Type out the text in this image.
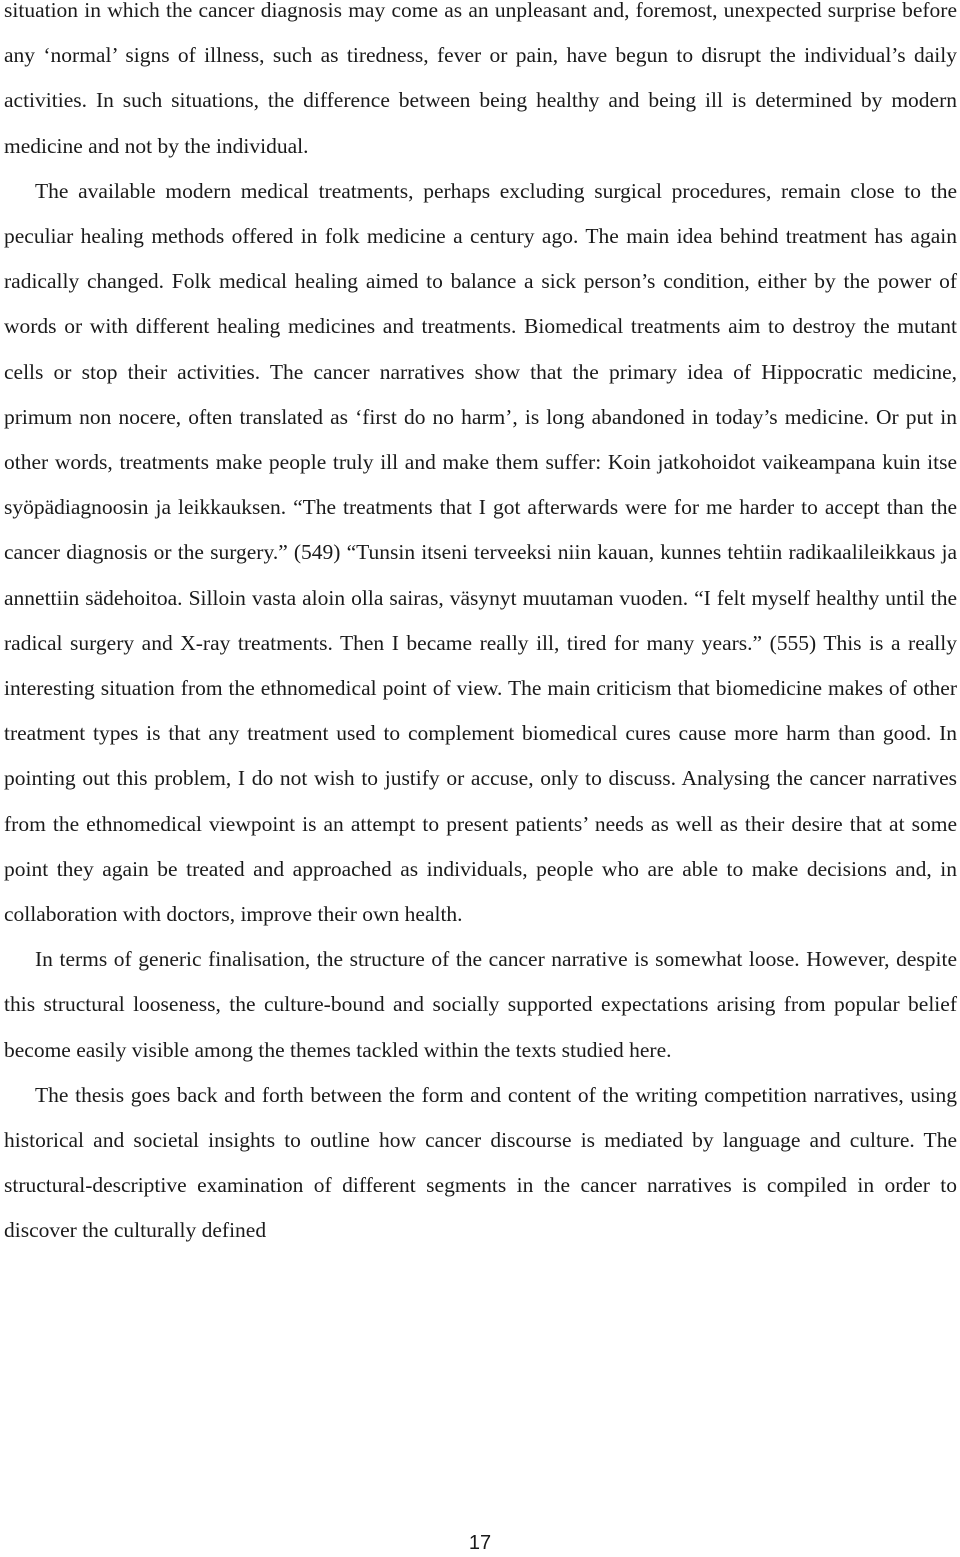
situation in which the cancer diagnosis may come as an unpleasant and, foremost, unexpected surprise before any ‘normal’ signs of illness, such as tiredness, fever or pain, have begun to disrupt the individual’s daily activities. In such situations, the difference between being healthy and being ill is determined by modern medicine and not by the individual.

The available modern medical treatments, perhaps excluding surgical procedures, remain close to the peculiar healing methods offered in folk medicine a century ago. The main idea behind treatment has again radically changed. Folk medical healing aimed to balance a sick person’s condition, either by the power of words or with different healing medicines and treatments. Biomedical treatments aim to destroy the mutant cells or stop their activities. The cancer narratives show that the primary idea of Hippocratic medicine, primum non nocere, often translated as ‘first do no harm’, is long abandoned in today’s medicine. Or put in other words, treatments make people truly ill and make them suffer: Koin jatkohoidot vaikeampana kuin itse syöpädiagnoosin ja leikkauksen. “The treatments that I got afterwards were for me harder to accept than the cancer diagnosis or the surgery.” (549) “Tunsin itseni terveeksi niin kauan, kunnes tehtiin radikaalileikkaus ja annettiin sädehoitoa. Silloin vasta aloin olla sairas, väsynyt muutaman vuoden. “I felt myself healthy until the radical surgery and X-ray treatments. Then I became really ill, tired for many years.” (555) This is a really interesting situation from the ethnomedical point of view. The main criticism that biomedicine makes of other treatment types is that any treatment used to complement biomedical cures cause more harm than good. In pointing out this problem, I do not wish to justify or accuse, only to discuss. Analysing the cancer narratives from the ethnomedical viewpoint is an attempt to present patients’ needs as well as their desire that at some point they again be treated and approached as individuals, people who are able to make decisions and, in collaboration with doctors, improve their own health.

In terms of generic finalisation, the structure of the cancer narrative is somewhat loose. However, despite this structural looseness, the culture-bound and socially supported expectations arising from popular belief become easily visible among the themes tackled within the texts studied here.

The thesis goes back and forth between the form and content of the writing competition narratives, using historical and societal insights to outline how cancer discourse is mediated by language and culture. The structural-descriptive examination of different segments in the cancer narratives is compiled in order to discover the culturally defined

17
